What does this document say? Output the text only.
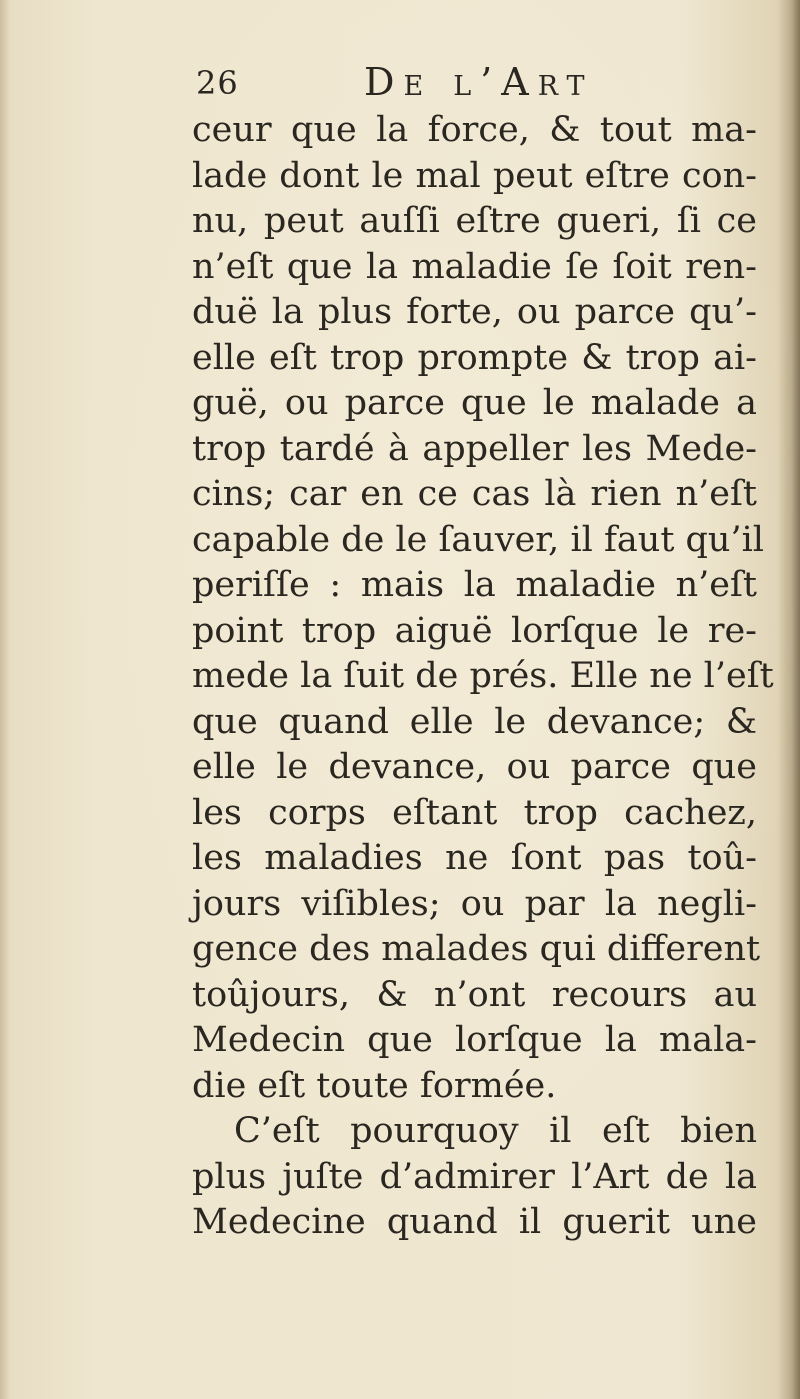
26	De l’Art
ceur que la force, & tout ma-
lade dont le mal peut eſtre con-
nu, peut auſſi eſtre gueri, ſi ce
n’eſt que la maladie ſe ſoit ren-
duë la plus forte, ou parce qu’-
elle eſt trop prompte & trop ai-
guë, ou parce que le malade a
trop tardé à appeller les Mede-
cins; car en ce cas là rien n’eſt
capable de le ſauver, il faut qu’il
periſſe : mais la maladie n’eſt
point trop aiguë lorſque le re-
mede la ſuit de prés. Elle ne l’eſt
que quand elle le devance; &
elle le devance, ou parce que
les corps eſtant trop cachez,
les maladies ne ſont pas toû-
jours viſibles; ou par la negli-
gence des malades qui different
toûjours, & n’ont recours au
Medecin que lorſque la mala-
die eſt toute formée.
C’eſt pourquoy il eſt bien
plus juſte d’admirer l’Art de la
Medecine quand il guerit une
